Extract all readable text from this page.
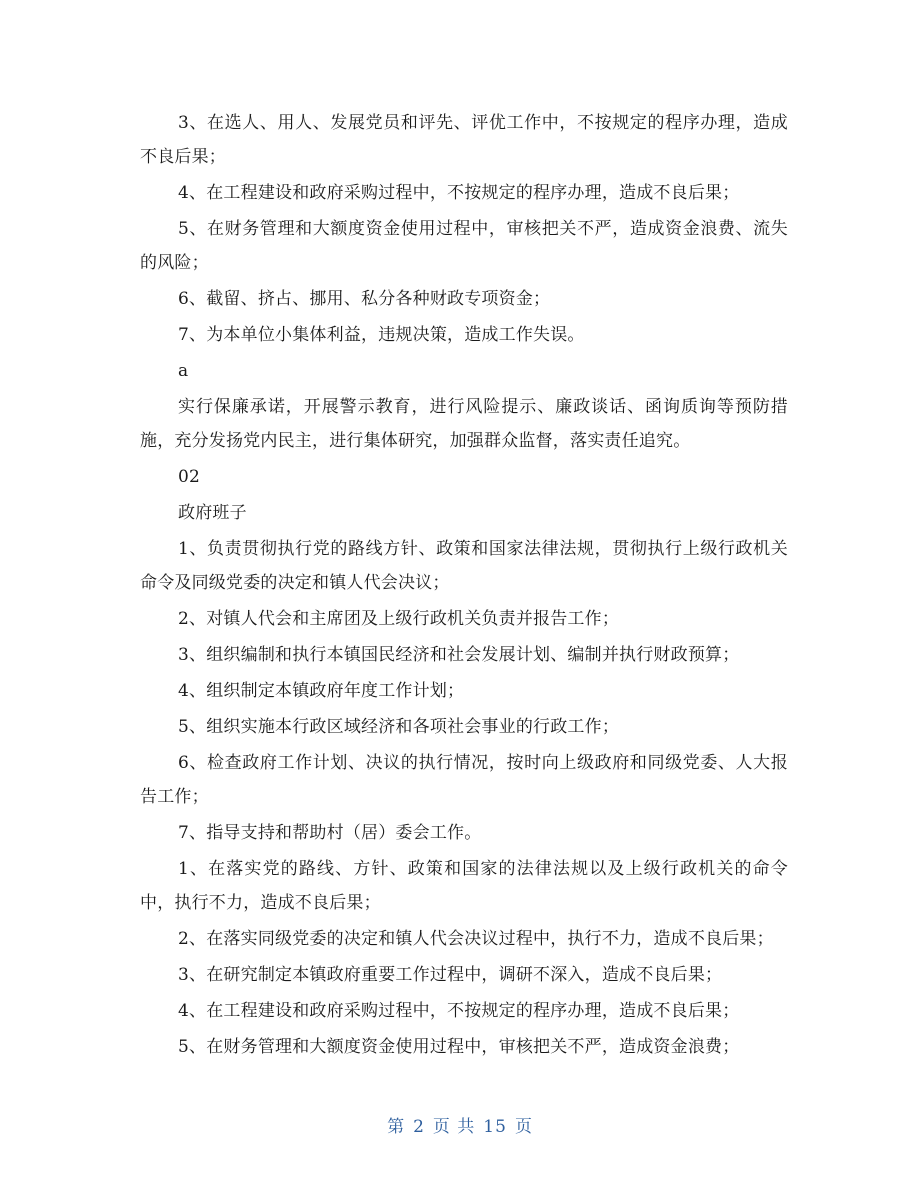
3、在选人、用人、发展党员和评先、评优工作中，不按规定的程序办理，造成不良后果；

4、在工程建设和政府采购过程中，不按规定的程序办理，造成不良后果；

5、在财务管理和大额度资金使用过程中，审核把关不严，造成资金浪费、流失的风险；

6、截留、挤占、挪用、私分各种财政专项资金；

7、为本单位小集体利益，违规决策，造成工作失误。

a

实行保廉承诺，开展警示教育，进行风险提示、廉政谈话、函询质询等预防措施，充分发扬党内民主，进行集体研究，加强群众监督，落实责任追究。

02

政府班子

1、负责贯彻执行党的路线方针、政策和国家法律法规，贯彻执行上级行政机关命令及同级党委的决定和镇人代会决议；

2、对镇人代会和主席团及上级行政机关负责并报告工作；

3、组织编制和执行本镇国民经济和社会发展计划、编制并执行财政预算；

4、组织制定本镇政府年度工作计划；

5、组织实施本行政区域经济和各项社会事业的行政工作；

6、检查政府工作计划、决议的执行情况，按时向上级政府和同级党委、人大报告工作；

7、指导支持和帮助村（居）委会工作。

1、在落实党的路线、方针、政策和国家的法律法规以及上级行政机关的命令中，执行不力，造成不良后果；

2、在落实同级党委的决定和镇人代会决议过程中，执行不力，造成不良后果；

3、在研究制定本镇政府重要工作过程中，调研不深入，造成不良后果；

4、在工程建设和政府采购过程中，不按规定的程序办理，造成不良后果；

5、在财务管理和大额度资金使用过程中，审核把关不严，造成资金浪费；

第 2 页 共 15 页
